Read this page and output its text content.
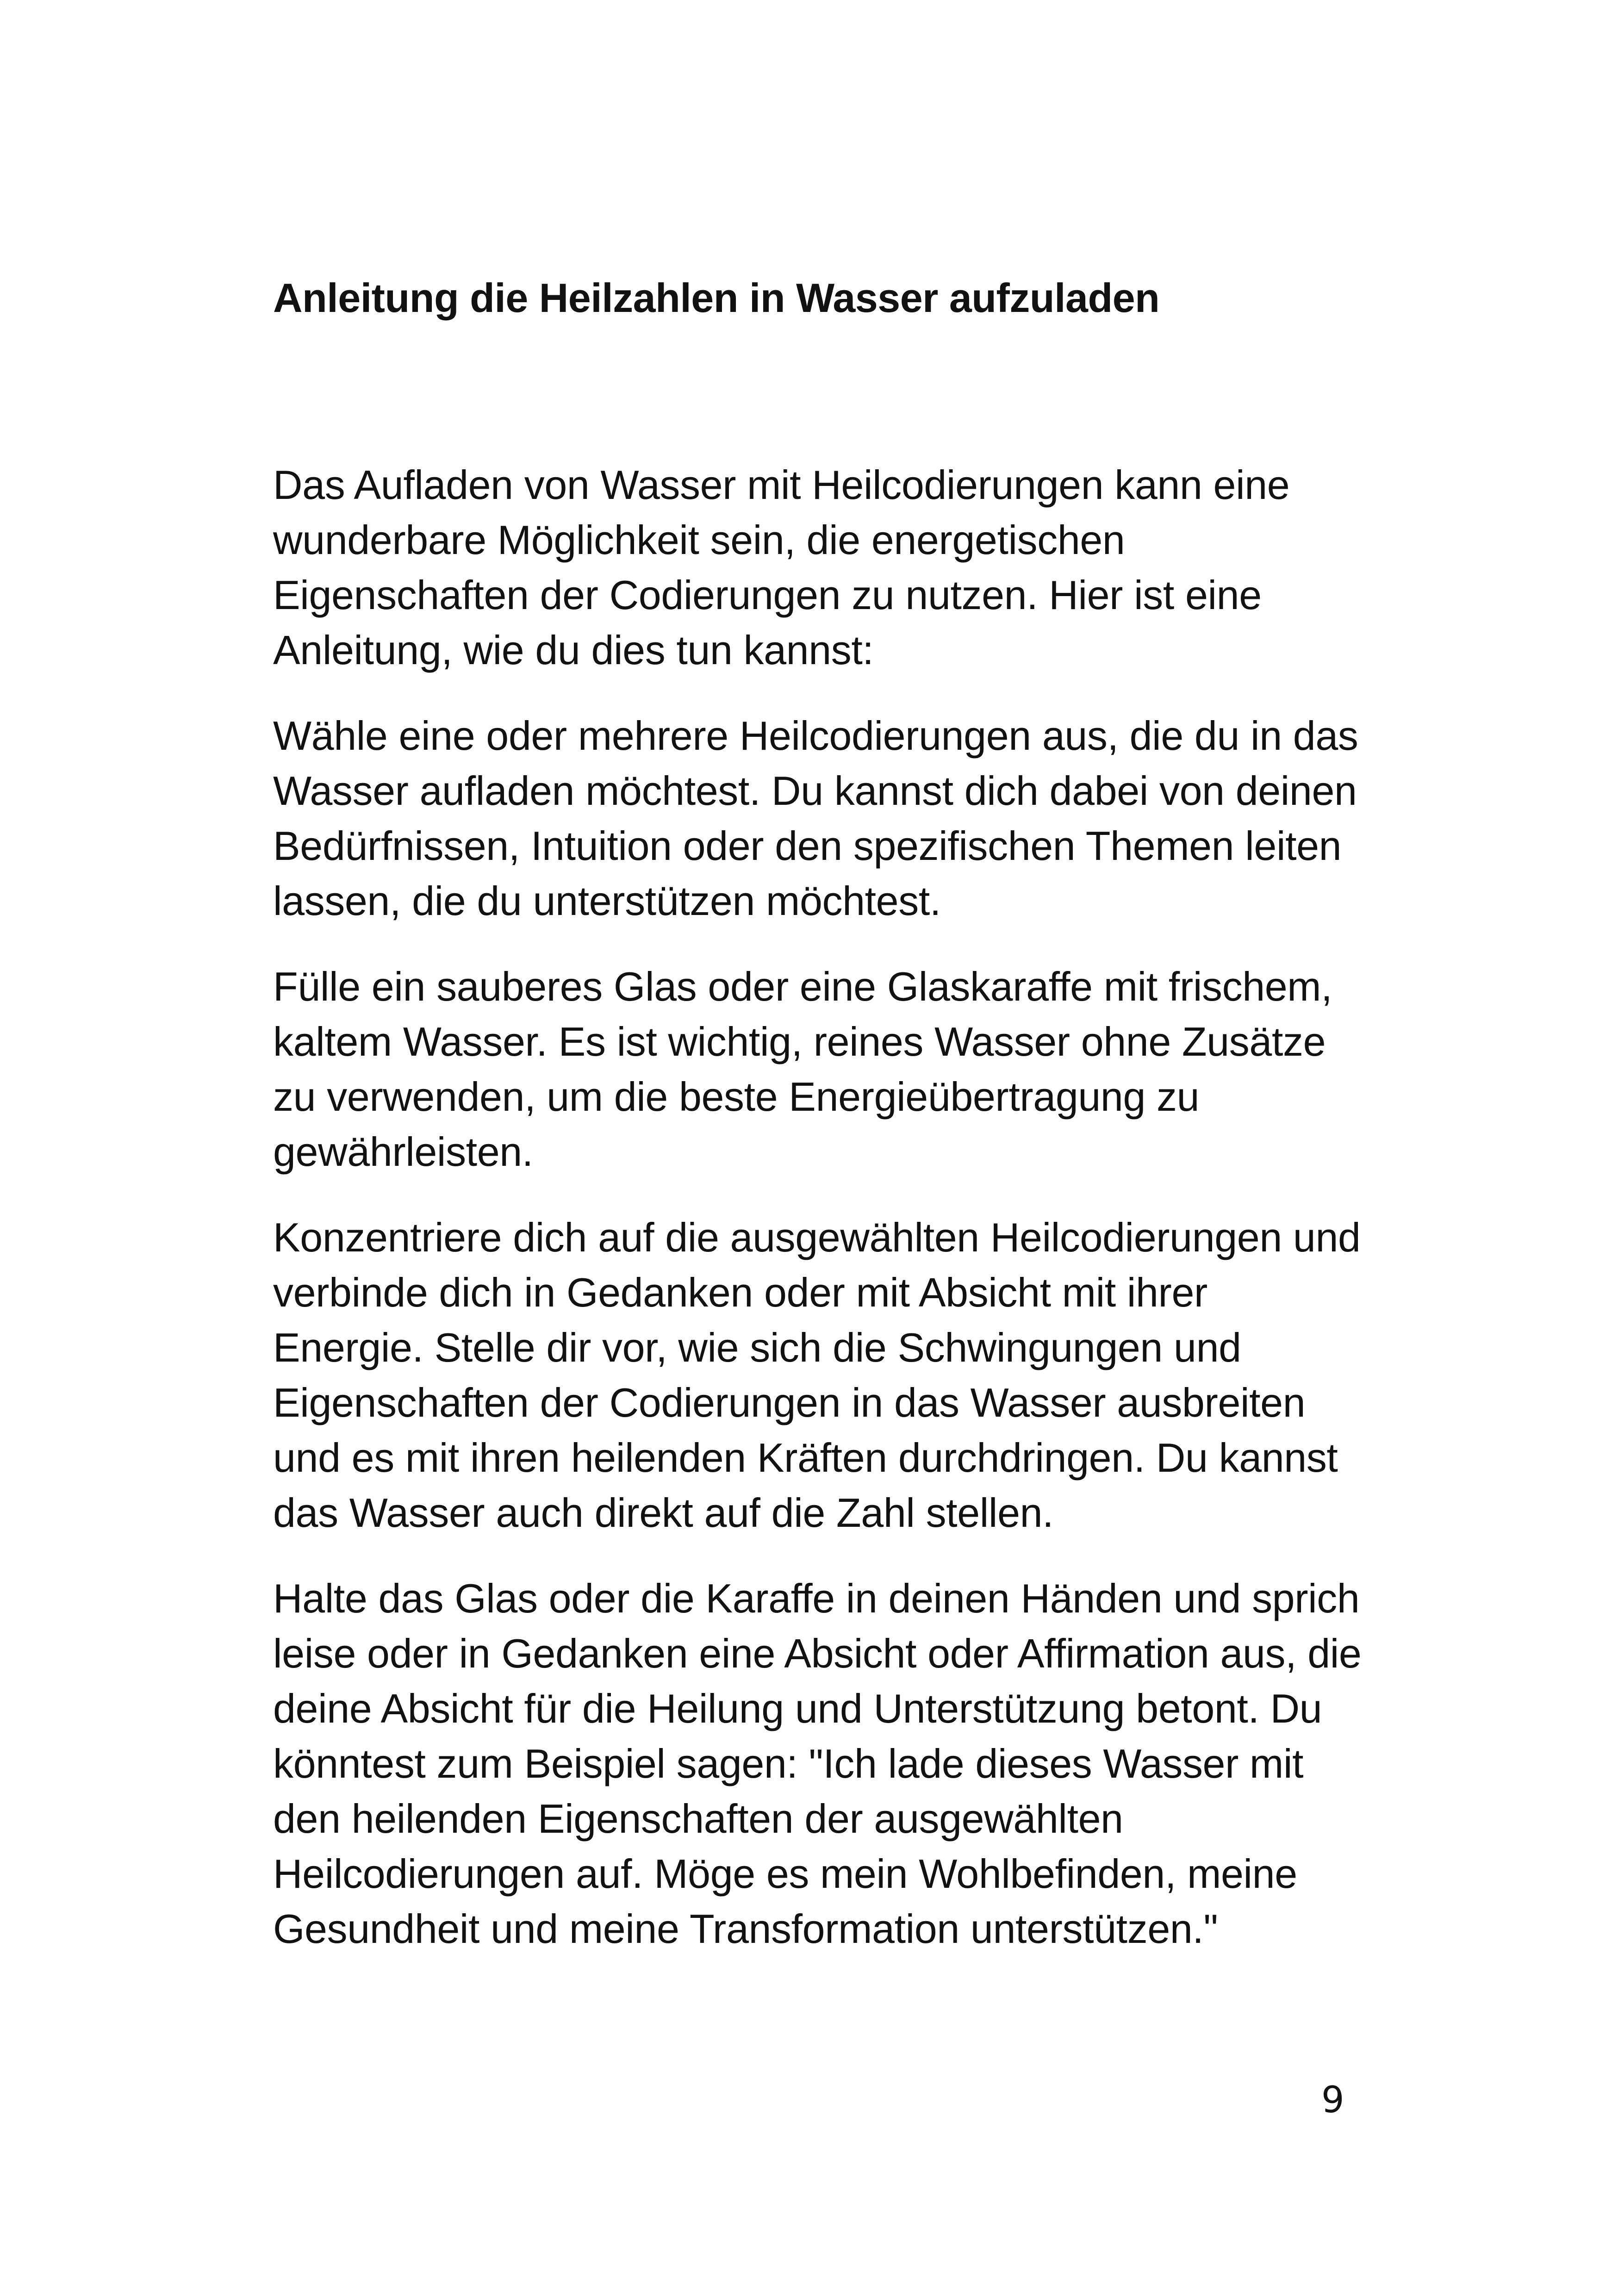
Anleitung die Heilzahlen in Wasser aufzuladen

Das Aufladen von Wasser mit Heilcodierungen kann eine wunderbare Möglichkeit sein, die energetischen Eigenschaften der Codierungen zu nutzen. Hier ist eine Anleitung, wie du dies tun kannst:

Wähle eine oder mehrere Heilcodierungen aus, die du in das Wasser aufladen möchtest. Du kannst dich dabei von deinen Bedürfnissen, Intuition oder den spezifischen Themen leiten lassen, die du unterstützen möchtest.

Fülle ein sauberes Glas oder eine Glaskaraffe mit frischem, kaltem Wasser. Es ist wichtig, reines Wasser ohne Zusätze zu verwenden, um die beste Energieübertragung zu gewährleisten.

Konzentriere dich auf die ausgewählten Heilcodierungen und verbinde dich in Gedanken oder mit Absicht mit ihrer Energie. Stelle dir vor, wie sich die Schwingungen und Eigenschaften der Codierungen in das Wasser ausbreiten und es mit ihren heilenden Kräften durchdringen. Du kannst das Wasser auch direkt auf die Zahl stellen.

Halte das Glas oder die Karaffe in deinen Händen und sprich leise oder in Gedanken eine Absicht oder Affirmation aus, die deine Absicht für die Heilung und Unterstützung betont. Du könntest zum Beispiel sagen: "Ich lade dieses Wasser mit den heilenden Eigenschaften der ausgewählten Heilcodierungen auf. Möge es mein Wohlbefinden, meine Gesundheit und meine Transformation unterstützen."

9
